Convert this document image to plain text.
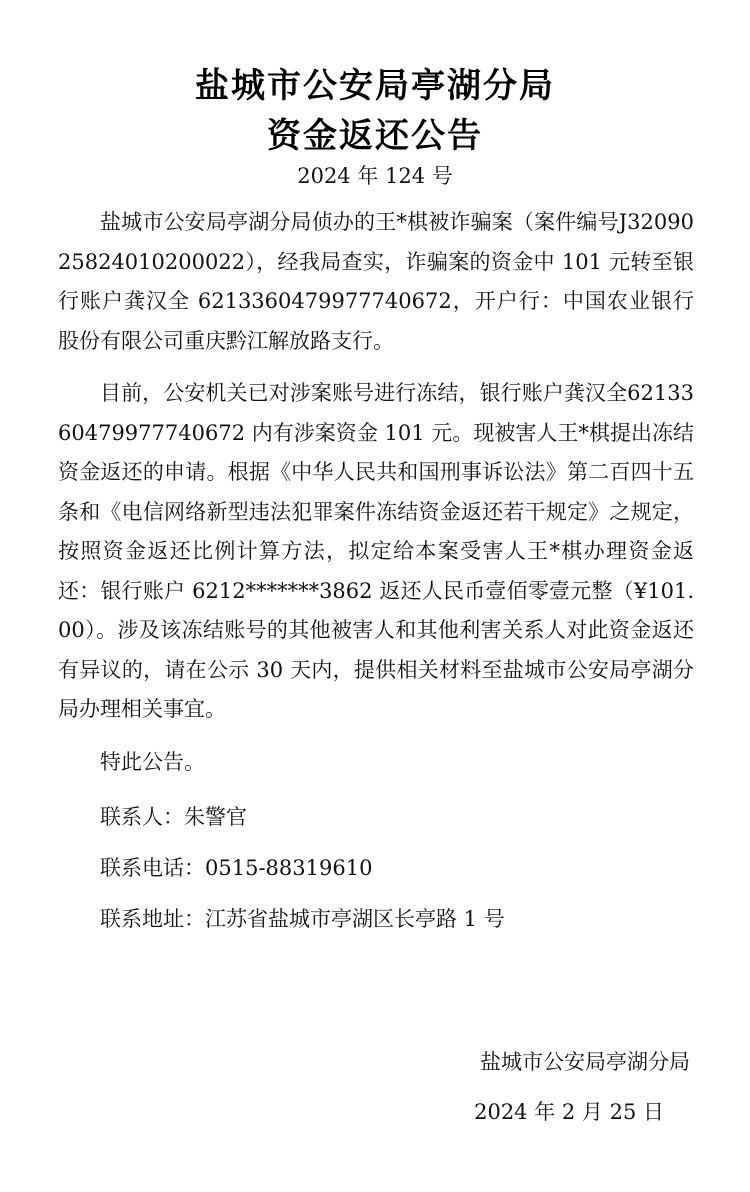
盐城市公安局亭湖分局
资金返还公告
2024 年 124 号

盐城市公安局亭湖分局侦办的王*棋被诈骗案（案件编号J3209025824010200022），经我局查实，诈骗案的资金中 101 元转至银行账户龚汉全 6213360479977740672，开户行：中国农业银行股份有限公司重庆黔江解放路支行。

目前，公安机关已对涉案账号进行冻结，银行账户龚汉全6213360479977740672 内有涉案资金 101 元。现被害人王*棋提出冻结资金返还的申请。根据《中华人民共和国刑事诉讼法》第二百四十五条和《电信网络新型违法犯罪案件冻结资金返还若干规定》之规定，按照资金返还比例计算方法，拟定给本案受害人王*棋办理资金返还：银行账户 6212*******3862 返还人民币壹佰零壹元整（¥101.00）。涉及该冻结账号的其他被害人和其他利害关系人对此资金返还有异议的，请在公示 30 天内，提供相关材料至盐城市公安局亭湖分局办理相关事宜。

特此公告。

联系人：朱警官

联系电话：0515-88319610

联系地址：江苏省盐城市亭湖区长亭路 1 号

盐城市公安局亭湖分局
2024 年 2 月 25 日
